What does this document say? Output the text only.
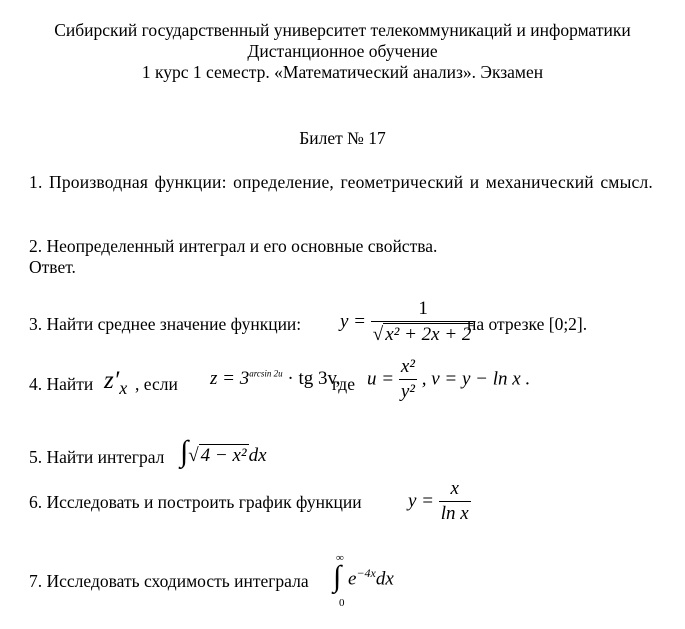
Сибирский государственный университет телекоммуникаций и информатики
Дистанционное обучение
1 курс 1 семестр. «Математический анализ». Экзамен
Билет № 17
1. Производная функции: определение, геометрический и механический смысл.
2. Неопределенный интеграл и его основные свойства.
Ответ.
3. Найти среднее значение функции: $y = \frac{1}{\text{√ x² + 2x + 2}}$
на отрезке [0;2].
4. Найти $z'_x$ , если $z = 3^{arcsin 2u}$ · tg 3v,
где $u = \frac{\text{x²}}{\text{y²}}$ , v = y − ln x .
5. Найти интеграл ∫√ 4 − x² dx
6. Исследовать и построить график функции $y = \frac{x}{\text{ln x}}$
7. Исследовать сходимость интеграла
∞
∫
0
$e^{-4x}dx$
